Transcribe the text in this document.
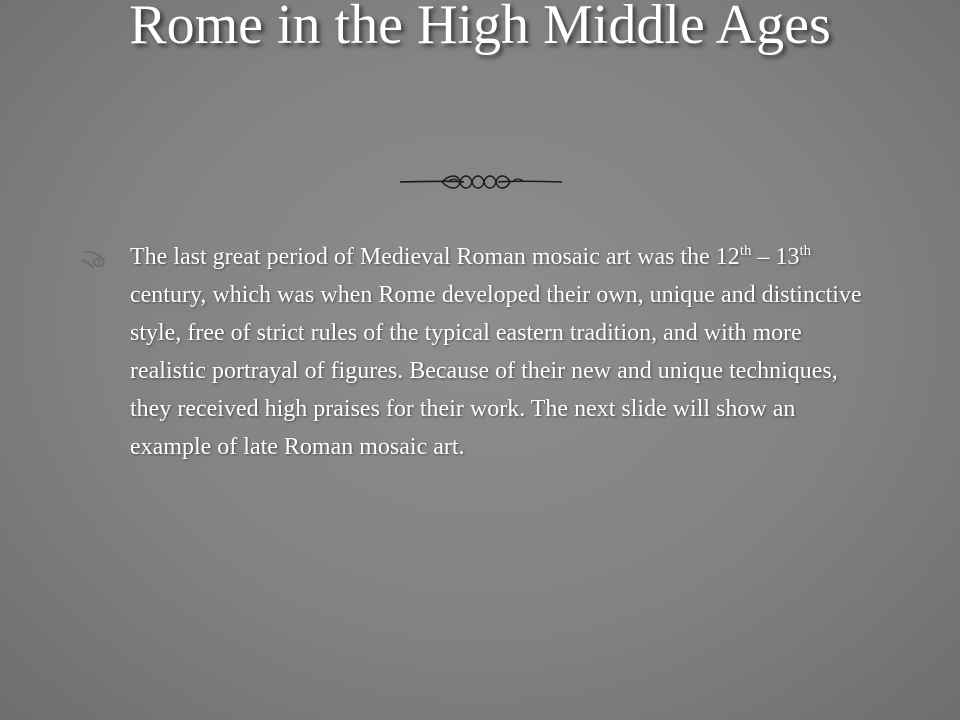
Rome in the High Middle Ages

The last great period of Medieval Roman mosaic art was the 12th – 13th century, which was when Rome developed their own, unique and distinctive style, free of strict rules of the typical eastern tradition, and with more realistic portrayal of figures. Because of their new and unique techniques, they received high praises for their work. The next slide will show an example of late Roman mosaic art.
